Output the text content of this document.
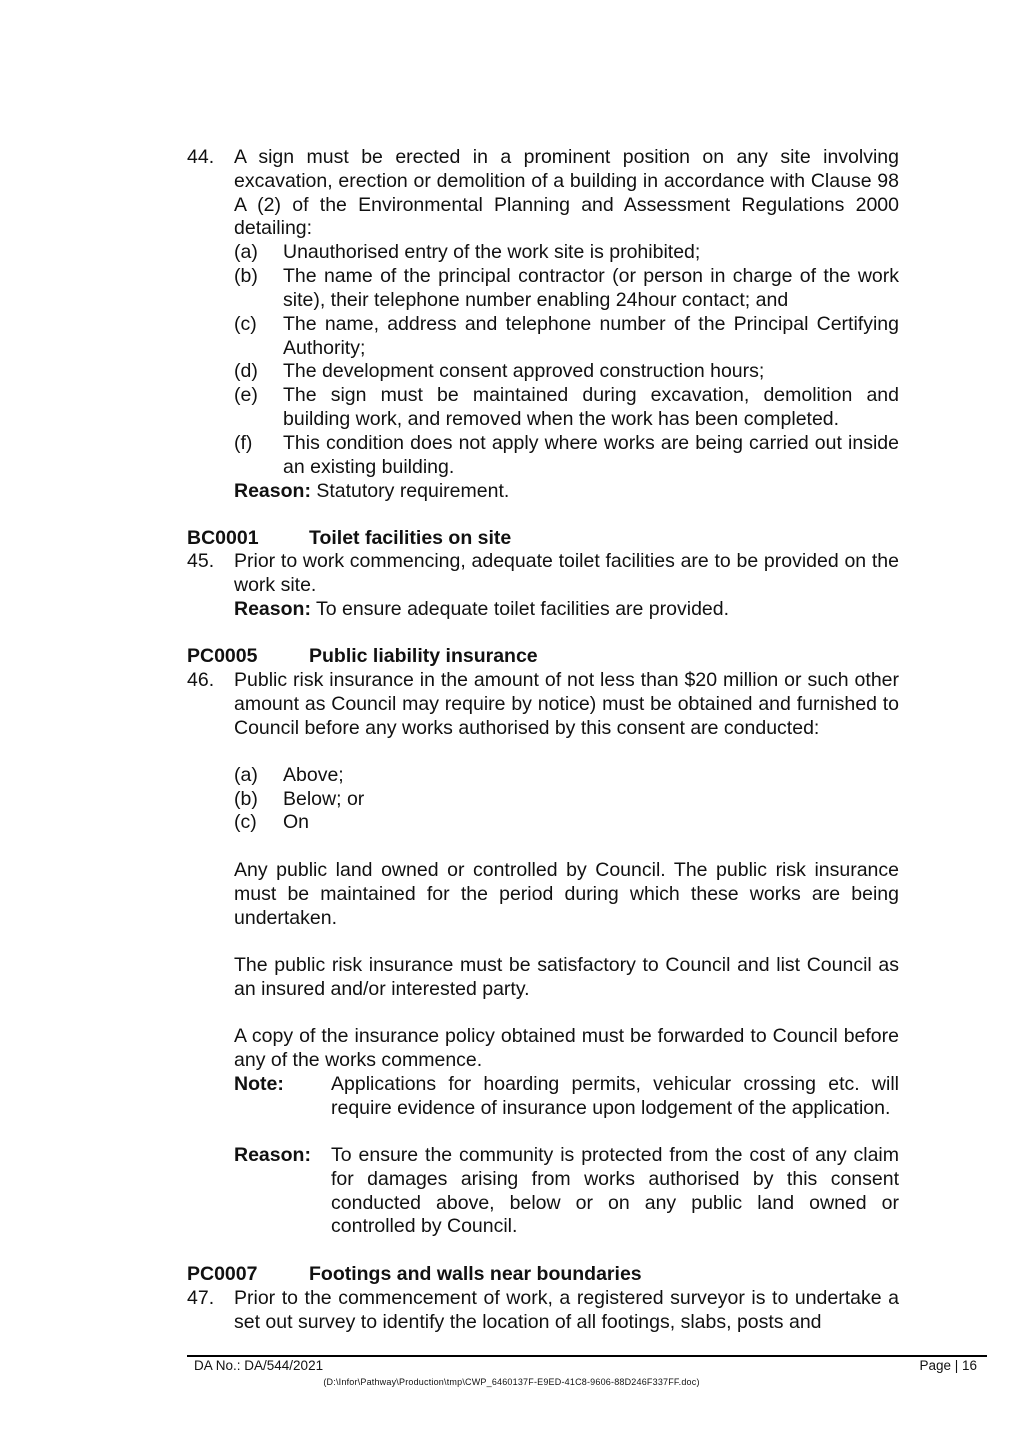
44. A sign must be erected in a prominent position on any site involving excavation, erection or demolition of a building in accordance with Clause 98 A (2) of the Environmental Planning and Assessment Regulations 2000 detailing:
(a)	Unauthorised entry of the work site is prohibited;
(b)	The name of the principal contractor (or person in charge of the work site), their telephone number enabling 24hour contact; and
(c)	The name, address and telephone number of the Principal Certifying Authority;
(d)	The development consent approved construction hours;
(e)	The sign must be maintained during excavation, demolition and building work, and removed when the work has been completed.
(f)	This condition does not apply where works are being carried out inside an existing building.
Reason: Statutory requirement.
BC0001	Toilet facilities on site
45. Prior to work commencing, adequate toilet facilities are to be provided on the work site.
Reason: To ensure adequate toilet facilities are provided.
PC0005	Public liability insurance
46. Public risk insurance in the amount of not less than $20 million or such other amount as Council may require by notice) must be obtained and furnished to Council before any works authorised by this consent are conducted:
(a)	Above;
(b)	Below; or
(c)	On
Any public land owned or controlled by Council. The public risk insurance must be maintained for the period during which these works are being undertaken.
The public risk insurance must be satisfactory to Council and list Council as an insured and/or interested party.
A copy of the insurance policy obtained must be forwarded to Council before any of the works commence.
Note: Applications for hoarding permits, vehicular crossing etc. will require evidence of insurance upon lodgement of the application.
Reason: To ensure the community is protected from the cost of any claim for damages arising from works authorised by this consent conducted above, below or on any public land owned or controlled by Council.
PC0007	Footings and walls near boundaries
47. Prior to the commencement of work, a registered surveyor is to undertake a set out survey to identify the location of all footings, slabs, posts and
DA No.: DA/544/2021	Page | 16
(D:\Infor\Pathway\Production\tmp\CWP_6460137F-E9ED-41C8-9606-88D246F337FF.doc)
